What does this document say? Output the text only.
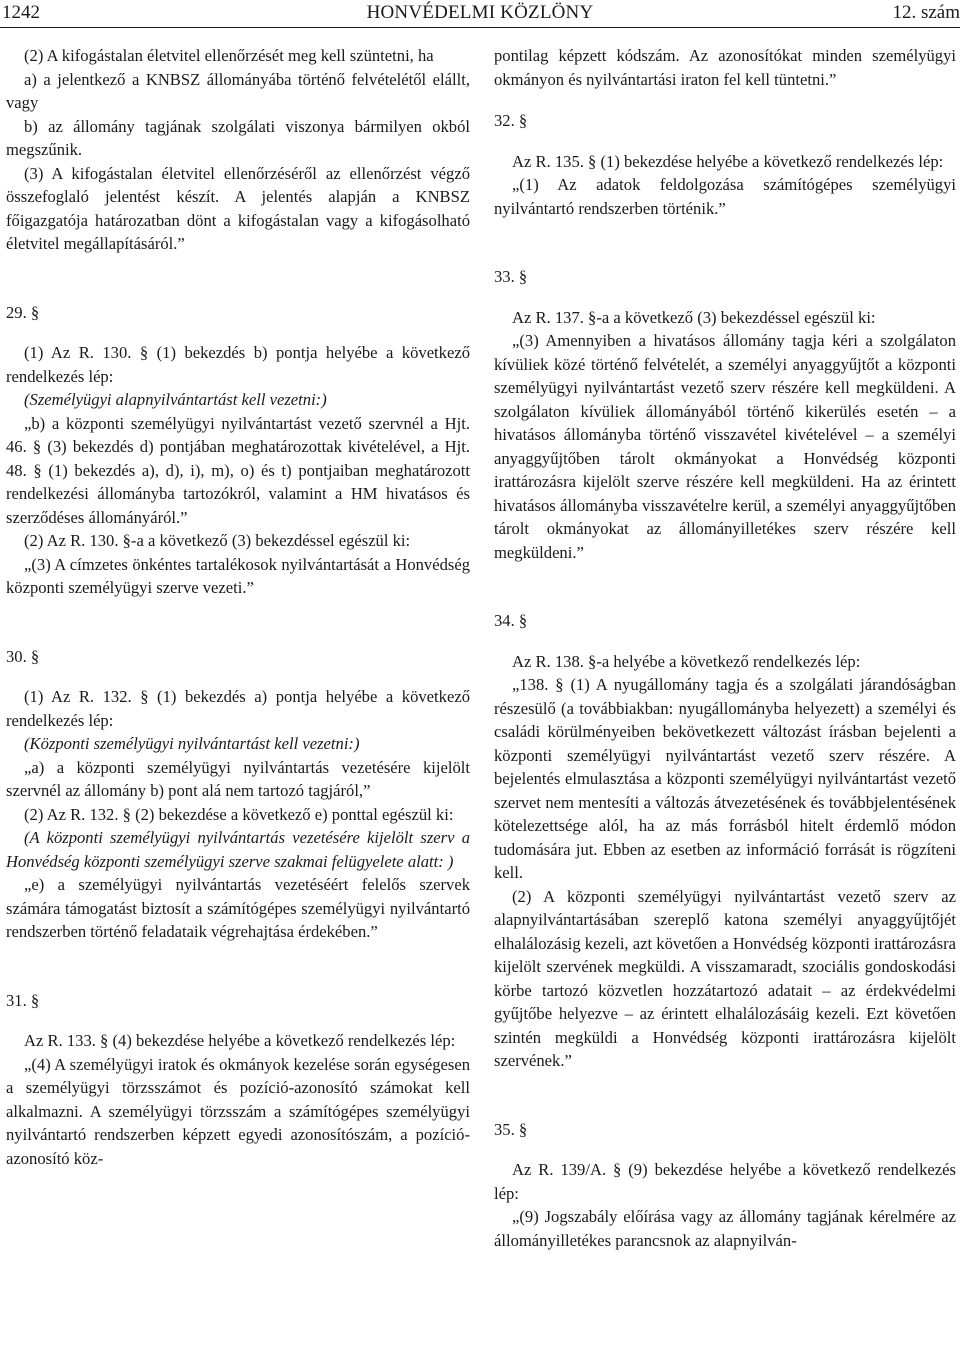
HONVÉDELMI KÖZLÖNY
1242	12. szám

(2) A kifogástalan életvitel ellenőrzését meg kell szüntetni, ha

a) a jelentkező a KNBSZ állományába történő felvételétől elállt, vagy

b) az állomány tagjának szolgálati viszonya bármilyen okból megszűnik.

(3) A kifogástalan életvitel ellenőrzéséről az ellenőrzést végző összefoglaló jelentést készít. A jelentés alapján a KNBSZ főigazgatója határozatban dönt a kifogástalan vagy a kifogásolható életvitel megállapításáról.”

29. §

(1) Az R. 130. § (1) bekezdés b) pontja helyébe a következő rendelkezés lép:

(Személyügyi alapnyilvántartást kell vezetni:)

„b) a központi személyügyi nyilvántartást vezető szervnél a Hjt. 46. § (3) bekezdés d) pontjában meghatározottak kivételével, a Hjt. 48. § (1) bekezdés a), d), i), m), o) és t) pontjaiban meghatározott rendelkezési állományba tartozókról, valamint a HM hivatásos és szerződéses állományáról.”

(2) Az R. 130. §-a a következő (3) bekezdéssel egészül ki:

„(3) A címzetes önkéntes tartalékosok nyilvántartását a Honvédség központi személyügyi szerve vezeti.”

30. §

(1) Az R. 132. § (1) bekezdés a) pontja helyébe a következő rendelkezés lép:

(Központi személyügyi nyilvántartást kell vezetni:)

„a) a központi személyügyi nyilvántartás vezetésére kijelölt szervnél az állomány b) pont alá nem tartozó tagjáról,”

(2) Az R. 132. § (2) bekezdése a következő e) ponttal egészül ki:

(A központi személyügyi nyilvántartás vezetésére kijelölt szerv a Honvédség központi személyügyi szerve szakmai felügyelete alatt: )

„e) a személyügyi nyilvántartás vezetéséért felelős szervek számára támogatást biztosít a számítógépes személyügyi nyilvántartó rendszerben történő feladataik végrehajtása érdekében.”

31. §

Az R. 133. § (4) bekezdése helyébe a következő rendelkezés lép:

„(4) A személyügyi iratok és okmányok kezelése során egységesen a személyügyi törzsszámot és pozíció-azonosító számokat kell alkalmazni. A személyügyi törzsszám a számítógépes személyügyi nyilvántartó rendszerben képzett egyedi azonosítószám, a pozíció-azonosító köz-

pontilag képzett kódszám. Az azonosítókat minden személyügyi okmányon és nyilvántartási iraton fel kell tüntetni.”

32. §

Az R. 135. § (1) bekezdése helyébe a következő rendelkezés lép:

„(1) Az adatok feldolgozása számítógépes személyügyi nyilvántartó rendszerben történik.”

33. §

Az R. 137. §-a a következő (3) bekezdéssel egészül ki:

„(3) Amennyiben a hivatásos állomány tagja kéri a szolgálaton kívüliek közé történő felvételét, a személyi anyaggyűjtőt a központi személyügyi nyilvántartást vezető szerv részére kell megküldeni. A szolgálaton kívüliek állományából történő kikerülés esetén – a hivatásos állományba történő visszavétel kivételével – a személyi anyaggyűjtőben tárolt okmányokat a Honvédség központi irattározásra kijelölt szerve részére kell megküldeni. Ha az érintett hivatásos állományba visszavételre kerül, a személyi anyaggyűjtőben tárolt okmányokat az állományilletékes szerv részére kell megküldeni.”

34. §

Az R. 138. §-a helyébe a következő rendelkezés lép:

„138. § (1) A nyugállomány tagja és a szolgálati járandóságban részesülő (a továbbiakban: nyugállományba helyezett) a személyi és családi körülményeiben bekövetkezett változást írásban bejelenti a központi személyügyi nyilvántartást vezető szerv részére. A bejelentés elmulasztása a központi személyügyi nyilvántartást vezető szervet nem mentesíti a változás átvezetésének és továbbjelentésének kötelezettsége alól, ha az más forrásból hitelt érdemlő módon tudomására jut. Ebben az esetben az információ forrását is rögzíteni kell.

(2) A központi személyügyi nyilvántartást vezető szerv az alapnyilvántartásában szereplő katona személyi anyaggyűjtőjét elhalálozásig kezeli, azt követően a Honvédség központi irattározásra kijelölt szervének megküldi. A visszamaradt, szociális gondoskodási körbe tartozó közvetlen hozzátartozó adatait – az érdekvédelmi gyűjtőbe helyezve – az érintett elhalálozásáig kezeli. Ezt követően szintén megküldi a Honvédség központi irattározásra kijelölt szervének.”

35. §

Az R. 139/A. § (9) bekezdése helyébe a következő rendelkezés lép:

„(9) Jogszabály előírása vagy az állomány tagjának kérelmére az állományilletékes parancsnok az alapnyilván-
